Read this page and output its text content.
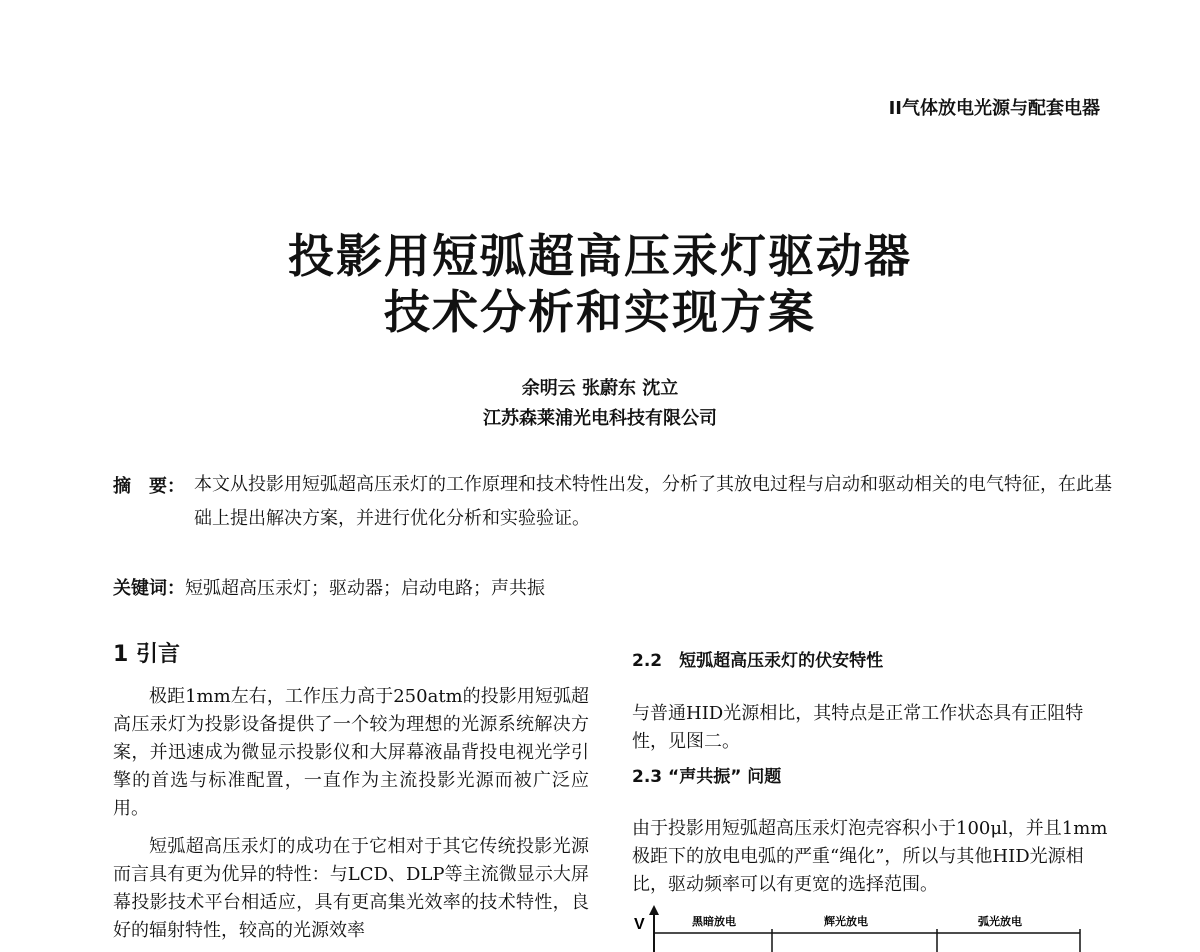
II气体放电光源与配套电器
投影用短弧超高压汞灯驱动器
技术分析和实现方案
余明云 张蔚东 沈立
江苏森莱浦光电科技有限公司
摘　要： 本文从投影用短弧超高压汞灯的工作原理和技术特性出发，分析了其放电过程与启动和驱动相关的电气特征，在此基础上提出解决方案，并进行优化分析和实验验证。
关键词：短弧超高压汞灯；驱动器；启动电路；声共振
1 引言

极距1mm左右，工作压力高于250atm的投影用短弧超高压汞灯为投影设备提供了一个较为理想的光源系统解决方案，并迅速成为微显示投影仪和大屏幕液晶背投电视光学引擎的首选与标准配置，一直作为主流投影光源而被广泛应用。

短弧超高压汞灯的成功在于它相对于其它传统投影光源而言具有更为优异的特性：与LCD、DLP等主流微显示大屏幕投影技术平台相适应，具有更高集光效率的技术特性，良好的辐射特性，较高的光源效率

2.2　短弧超高压汞灯的伏安特性

与普通HID光源相比，其特点是正常工作状态具有正阻特性，见图二。

2.3 “声共振” 问题

由于投影用短弧超高压汞灯泡壳容积小于100μl，并且1mm极距下的放电电弧的严重“绳化”，所以与其他HID光源相比，驱动频率可以有更宽的选择范围。

V	黑暗放电	辉光放电	弧光放电
